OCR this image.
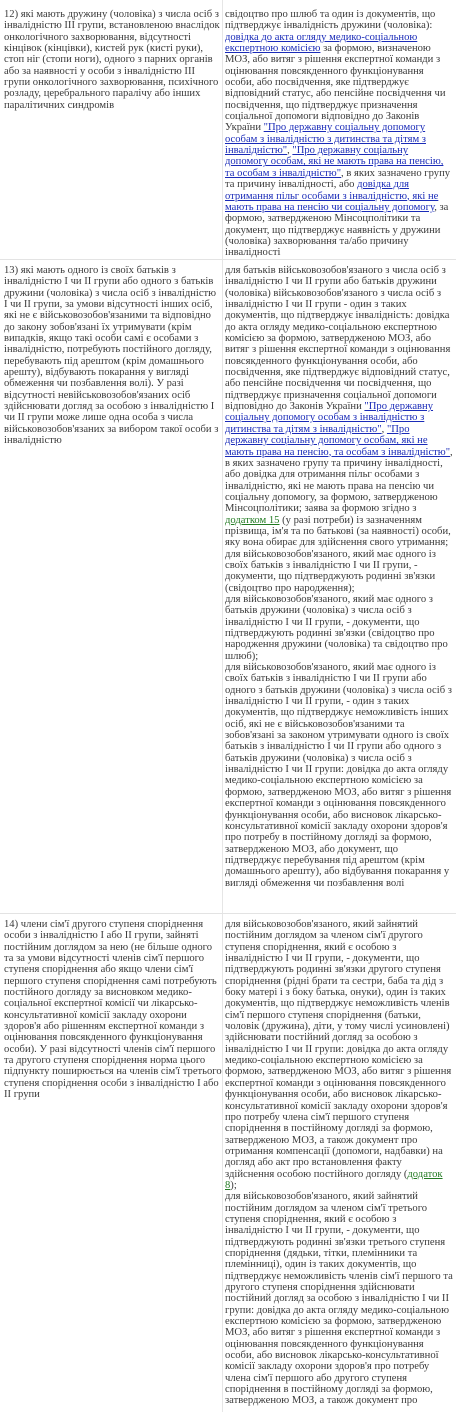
12) які мають дружину (чоловіка) з числа осіб з інвалідністю III групи, встановленою внаслідок онкологічного захворювання, відсутності кінцівок (кінцівки), кистей рук (кисті руки), стоп ніг (стопи ноги), одного з парних органів або за наявності у особи з інвалідністю III групи онкологічного захворювання, психічного розладу, церебрального паралічу або інших паралітичних синдромів
свідоцтво про шлюб та один із документів, що підтверджує інвалідність дружини (чоловіка): довідка до акта огляду медико-соціальною експертною комісією за формою, визначеною МОЗ, або витяг з рішення експертної команди з оцінювання повсякденного функціонування особи, або посвідчення, яке підтверджує відповідний статус, або пенсійне посвідчення чи посвідчення, що підтверджує призначення соціальної допомоги відповідно до Законів України "Про державну соціальну допомогу особам з інвалідністю з дитинства та дітям з інвалідністю", "Про державну соціальну допомогу особам, які не мають права на пенсію, та особам з інвалідністю", в яких зазначено групу та причину інвалідності, або довідка для отримання пільг особами з інвалідністю, які не мають права на пенсію чи соціальну допомогу, за формою, затвердженою Мінсоцполітики та документ, що підтверджує наявність у дружини (чоловіка) захворювання та/або причину інвалідності
13) які мають одного із своїх батьків з інвалідністю I чи II групи або одного з батьків дружини (чоловіка) з числа осіб з інвалідністю I чи II групи, за умови відсутності інших осіб, які не є військовозобов'язаними та відповідно до закону зобов'язані їх утримувати (крім випадків, якщо такі особи самі є особами з інвалідністю, потребують постійного догляду, перебувають під арештом (крім домашнього арешту), відбувають покарання у вигляді обмеження чи позбавлення волі). У разі відсутності невійськовозобов'язаних осіб здійснювати догляд за особою з інвалідністю I чи II групи може лише одна особа з числа військовозобов'язаних за вибором такої особи з інвалідністю
для батьків військовозобов'язаного з числа осіб з інвалідністю I чи II групи або батьків дружини (чоловіка) військовозобов'язаного з числа осіб з інвалідністю I чи II групи - один з таких документів, що підтверджує інвалідність: довідка до акта огляду медико-соціальною експертною комісією за формою, затвердженою МОЗ, або витяг з рішення експертної команди з оцінювання повсякденного функціонування особи, або посвідчення, яке підтверджує відповідний статус, або пенсійне посвідчення чи посвідчення, що підтверджує призначення соціальної допомоги відповідно до Законів України "Про державну соціальну допомогу особам з інвалідністю з дитинства та дітям з інвалідністю", "Про державну соціальну допомогу особам, які не мають права на пенсію, та особам з інвалідністю", в яких зазначено групу та причину інвалідності, або довідка для отримання пільг особами з інвалідністю, які не мають права на пенсію чи соціальну допомогу, за формою, затвердженою Мінсоцполітики; заява за формою згідно з додатком 15 (у разі потреби) із зазначенням прізвища, ім'я та по батькові (за наявності) особи, яку вона обирає для здійснення свого утримання;
для військовозобов'язаного, який має одного із своїх батьків з інвалідністю I чи II групи, - документи, що підтверджують родинні зв'язки (свідоцтво про народження);
для військовозобов'язаного, який має одного з батьків дружини (чоловіка) з числа осіб з інвалідністю I чи II групи, - документи, що підтверджують родинні зв'язки (свідоцтво про народження дружини (чоловіка) та свідоцтво про шлюб);
для військовозобов'язаного, який має одного із своїх батьків з інвалідністю I чи II групи або одного з батьків дружини (чоловіка) з числа осіб з інвалідністю I чи II групи, - один з таких документів, що підтверджує неможливість інших осіб, які не є військовозобов'язаними та зобов'язані за законом утримувати одного із своїх батьків з інвалідністю I чи II групи або одного з батьків дружини (чоловіка) з числа осіб з інвалідністю I чи II групи: довідка до акта огляду медико-соціальною експертною комісією за формою, затвердженою МОЗ, або витяг з рішення експертної команди з оцінювання повсякденного функціонування особи, або висновок лікарсько-консультативної комісії закладу охорони здоров'я про потребу в постійному догляді за формою, затвердженою МОЗ, або документ, що підтверджує перебування під арештом (крім домашнього арешту), або відбування покарання у вигляді обмеження чи позбавлення волі
14) члени сім'ї другого ступеня споріднення особи з інвалідністю I або II групи, зайняті постійним доглядом за нею (не більше одного та за умови відсутності членів сім'ї першого ступеня споріднення або якщо члени сім'ї першого ступеня споріднення самі потребують постійного догляду за висновком медико-соціальної експертної комісії чи лікарсько-консультативної комісії закладу охорони здоров'я або рішенням експертної команди з оцінювання повсякденного функціонування особи). У разі відсутності членів сім'ї першого та другого ступеня споріднення норма цього підпункту поширюється на членів сім'ї третього ступеня споріднення особи з інвалідністю I або II групи
для військовозобов'язаного, який зайнятий постійним доглядом за членом сім'ї другого ступеня споріднення, який є особою з інвалідністю I чи II групи, - документи, що підтверджують родинні зв'язки другого ступеня споріднення (рідні брати та сестри, баба та дід з боку матері і з боку батька, онуки), один із таких документів, що підтверджує неможливість членів сім'ї першого ступеня споріднення (батьки, чоловік (дружина), діти, у тому числі усиновлені) здійснювати постійний догляд за особою з інвалідністю I чи II групи: довідка до акта огляду медико-соціальною експертною комісією за формою, затвердженою МОЗ, або витяг з рішення експертної команди з оцінювання повсякденного функціонування особи, або висновок лікарсько-консультативної комісії закладу охорони здоров'я про потребу члена сім'ї першого ступеня споріднення в постійному догляді за формою, затвердженою МОЗ, а також документ про отримання компенсації (допомоги, надбавки) на догляд або акт про встановлення факту здійснення особою постійного догляду (додаток 8);
для військовозобов'язаного, який зайнятий постійним доглядом за членом сім'ї третього ступеня споріднення, який є особою з інвалідністю I чи II групи, - документи, що підтверджують родинні зв'язки третього ступеня споріднення (дядьки, тітки, племінники та племінниці), один із таких документів, що підтверджує неможливість членів сім'ї першого та другого ступеня споріднення здійснювати постійний догляд за особою з інвалідністю I чи II групи: довідка до акта огляду медико-соціальною експертною комісією за формою, затвердженою МОЗ, або витяг з рішення експертної команди з оцінювання повсякденного функціонування особи, або висновок лікарсько-консультативної комісії закладу охорони здоров'я про потребу члена сім'ї першого або другого ступеня споріднення в постійному догляді за формою, затвердженою МОЗ, а також документ про
